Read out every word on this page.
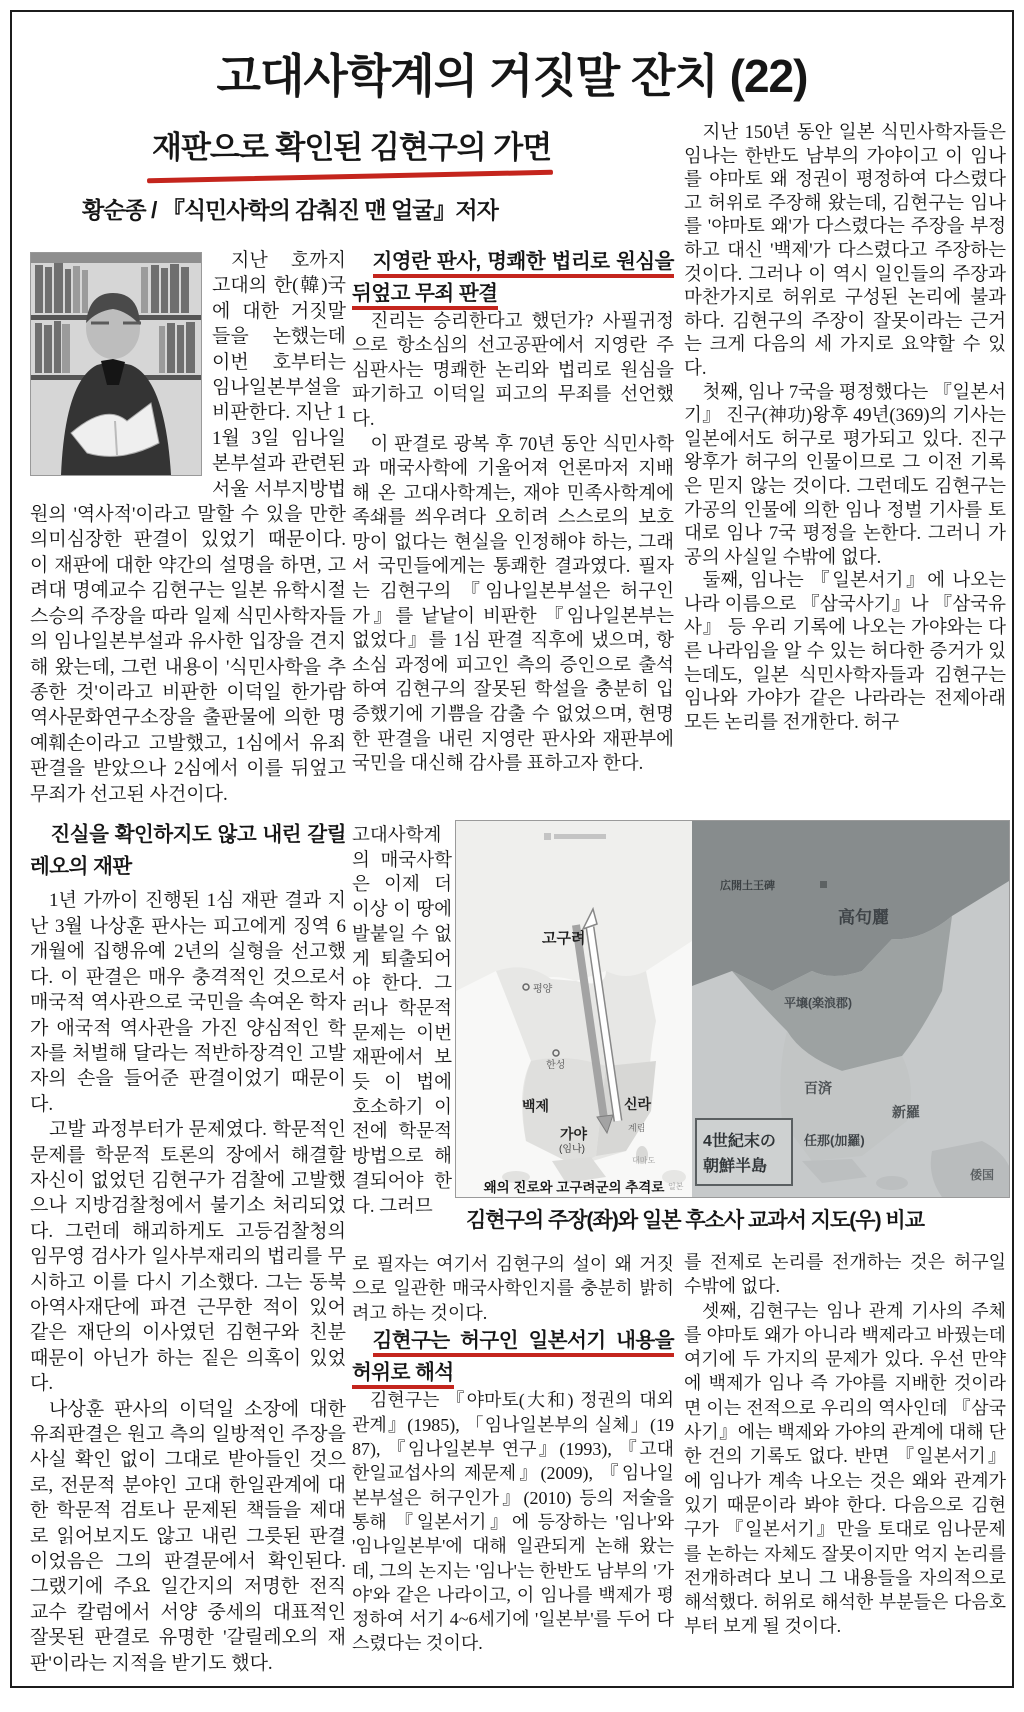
고대사학계의 거짓말 잔치 (22)
재판으로 확인된 김현구의 가면
황순종 / 『식민사학의 감춰진 맨 얼굴』저자

지난 호까지 고대의 한(韓)국에 대한 거짓말들을 논했는데 이번 호부터는 임나일본부설을 비판한다. 지난 11월 3일 임나일본부설과 관련된 서울 서부지방법원의 '역사적'이라고 말할 수 있을 만한 의미심장한 판결이 있었기 때문이다. 이 재판에 대한 약간의 설명을 하면, 고려대 명예교수 김현구는 일본 유학시절 스승의 주장을 따라 일제 식민사학자들의 임나일본부설과 유사한 입장을 견지해 왔는데, 그런 내용이 '식민사학을 추종한 것'이라고 비판한 이덕일 한가람 역사문화연구소장을 출판물에 의한 명예훼손이라고 고발했고, 1심에서 유죄판결을 받았으나 2심에서 이를 뒤엎고 무죄가 선고된 사건이다.

진실을 확인하지도 않고 내린 갈릴레오의 재판

1년 가까이 진행된 1심 재판 결과 지난 3월 나상훈 판사는 피고에게 징역 6개월에 집행유예 2년의 실형을 선고했다. 이 판결은 매우 충격적인 것으로서 매국적 역사관으로 국민을 속여온 학자가 애국적 역사관을 가진 양심적인 학자를 처벌해 달라는 적반하장격인 고발자의 손을 들어준 판결이었기 때문이다.

고발 과정부터가 문제였다. 학문적인 문제를 학문적 토론의 장에서 해결할 자신이 없었던 김현구가 검찰에 고발했으나 지방검찰청에서 불기소 처리되었다. 그런데 해괴하게도 고등검찰청의 임무영 검사가 일사부재리의 법리를 무시하고 이를 다시 기소했다. 그는 동북아역사재단에 파견 근무한 적이 있어 같은 재단의 이사였던 김현구와 친분 때문이 아닌가 하는 짙은 의혹이 있었다.

나상훈 판사의 이덕일 소장에 대한 유죄판결은 원고 측의 일방적인 주장을 사실 확인 없이 그대로 받아들인 것으로, 전문적 분야인 고대 한일관계에 대한 학문적 검토나 문제된 책들을 제대로 읽어보지도 않고 내린 그릇된 판결이었음은 그의 판결문에서 확인된다. 그랬기에 주요 일간지의 저명한 전직 교수 칼럼에서 서양 중세의 대표적인 잘못된 판결로 유명한 '갈릴레오의 재판'이라는 지적을 받기도 했다.

지영란 판사, 명쾌한 법리로 원심을 뒤엎고 무죄 판결

진리는 승리한다고 했던가? 사필귀정으로 항소심의 선고공판에서 지영란 주심판사는 명쾌한 논리와 법리로 원심을 파기하고 이덕일 피고의 무죄를 선언했다.

이 판결로 광복 후 70년 동안 식민사학과 매국사학에 기울어져 언론마저 지배해 온 고대사학계는, 재야 민족사학계에 족쇄를 씌우려다 오히려 스스로의 보호망이 없다는 현실을 인정해야 하는, 그래서 국민들에게는 통쾌한 결과였다. 필자는 김현구의 『임나일본부설은 허구인가』를 낱낱이 비판한 『임나일본부는 없었다』를 1심 판결 직후에 냈으며, 항소심 과정에 피고인 측의 증인으로 출석하여 김현구의 잘못된 학설을 충분히 입증했기에 기쁨을 감출 수 없었으며, 현명한 판결을 내린 지영란 판사와 재판부에 국민을 대신해 감사를 표하고자 한다.

고대사학계의 매국사학은 이제 더 이상 이 땅에 발붙일 수 없게 퇴출되어야 한다. 그러나 학문적 문제는 이번 재판에서 보듯 이 법에 호소하기 이전에 학문적 방법으로 해결되어야 한다. 그러므

로 필자는 여기서 김현구의 설이 왜 거짓으로 일관한 매국사학인지를 충분히 밝히려고 하는 것이다.

김현구는 허구인 일본서기 내용을 허위로 해석

김현구는 『야마토(大和) 정권의 대외관계』(1985), 「임나일본부의 실체」(1987), 『임나일본부 연구』(1993), 『고대 한일교섭사의 제문제』(2009), 『임나일본부설은 허구인가』(2010) 등의 저술을 통해 『일본서기』에 등장하는 '임나'와 '임나일본부'에 대해 일관되게 논해 왔는데, 그의 논지는 '임나'는 한반도 남부의 '가야'와 같은 나라이고, 이 임나를 백제가 평정하여 서기 4~6세기에 '일본부'를 두어 다스렸다는 것이다.

지난 150년 동안 일본 식민사학자들은 임나는 한반도 남부의 가야이고 이 임나를 야마토 왜 정권이 평정하여 다스렸다고 허위로 주장해 왔는데, 김현구는 임나를 '야마토 왜'가 다스렸다는 주장을 부정하고 대신 '백제'가 다스렸다고 주장하는 것이다. 그러나 이 역시 일인들의 주장과 마찬가지로 허위로 구성된 논리에 불과하다. 김현구의 주장이 잘못이라는 근거는 크게 다음의 세 가지로 요약할 수 있다.

첫째, 임나 7국을 평정했다는 『일본서기』 진구(神功)왕후 49년(369)의 기사는 일본에서도 허구로 평가되고 있다. 진구왕후가 허구의 인물이므로 그 이전 기록은 믿지 않는 것이다. 그런데도 김현구는 가공의 인물에 의한 임나 정벌 기사를 토대로 임나 7국 평정을 논한다. 그러니 가공의 사실일 수밖에 없다.

둘째, 임나는 『일본서기』에 나오는 나라 이름으로 『삼국사기』나 『삼국유사』 등 우리 기록에 나오는 가야와는 다른 나라임을 알 수 있는 허다한 증거가 있는데도, 일본 식민사학자들과 김현구는 임나와 가야가 같은 나라라는 전제아래 모든 논리를 전개한다. 허구

를 전제로 논리를 전개하는 것은 허구일 수밖에 없다.

셋째, 김현구는 임나 관계 기사의 주체를 야마토 왜가 아니라 백제라고 바꿨는데 여기에 두 가지의 문제가 있다. 우선 만약에 백제가 임나 즉 가야를 지배한 것이라면 이는 전적으로 우리의 역사인데 『삼국사기』에는 백제와 가야의 관계에 대해 단 한 건의 기록도 없다. 반면 『일본서기』에 임나가 계속 나오는 것은 왜와 관계가 있기 때문이라 봐야 한다. 다음으로 김현구가 『일본서기』만을 토대로 임나문제를 논하는 자체도 잘못이지만 억지 논리를 전개하려다 보니 그 내용들을 자의적으로 해석했다. 허위로 해석한 부분들은 다음호부터 보게 될 것이다.

고구려
평양
한성
백제	신라
계림
가야
(임나)
대마도
일본
왜의 진로와 고구려군의 추격로
広開土王碑
高句麗
平壌(楽浪郡)
百済
新羅
任那(加羅)
4世紀末の
朝鮮半島	倭国
김현구의 주장(좌)와 일본 후소사 교과서 지도(우) 비교
